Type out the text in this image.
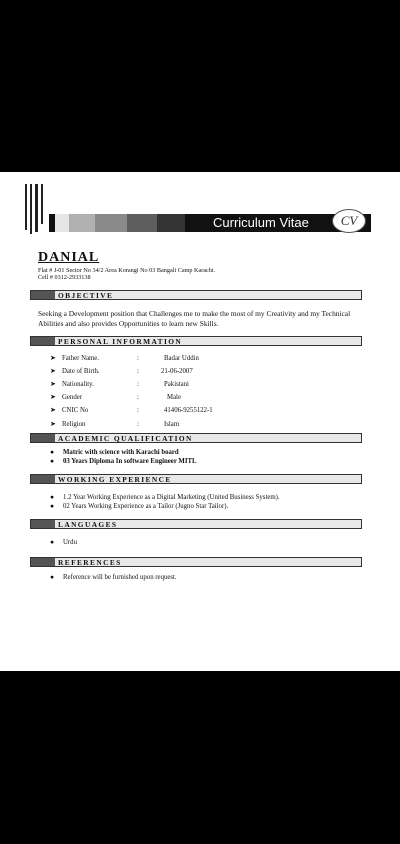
Curriculum Vitae	CV
DANIAL
Flat # J-01 Sector No 34/2 Area Korangi No 03 Bangali Camp Karachi.
Cell # 0312-2933138
OBJECTIVE
Seeking a Development position that Challenges me to make the most of my Creativity and my Technical Abilities and also provides Opportunities to learn new Skills.
PERSONAL INFORMATION
➤ Father Name.	:	Badar Uddin
➤ Date of Birth.	:	21-06-2007
➤ Nationality.	:	Pakistani
➤ Gender	:	Male
➤ CNIC No	:	41406-9255122-1
➤ Religion	:	Islam
ACADEMIC QUALIFICATION
● Matric with science with Karachi board
● 03 Years Diploma In software Engineer MITL
WORKING EXPERIENCE
● 1.2 Year Working Experience as a Digital Marketing (United Business System).
● 02 Years Working Experience as a Tailor (Jugno Star Tailor).
LANGUAGES
● Urdu
REFERENCES
● Reference will be furnished upon request.
